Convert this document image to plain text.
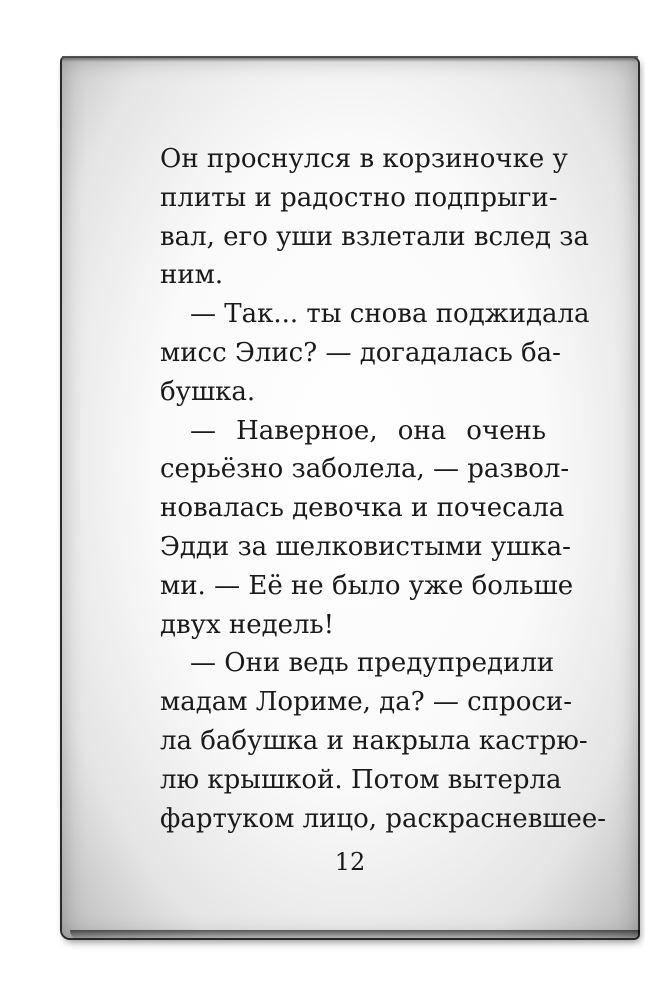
Он проснулся в корзиночке у
плиты и радостно подпрыги-
вал, его уши взлетали вслед за
ним.
— Так... ты снова поджидала
мисс Элис? — догадалась ба-
бушка.
— Наверное, она очень
серьёзно заболела, — развол-
новалась девочка и почесала
Эдди за шелковистыми ушка-
ми. — Её не было уже больше
двух недель!
— Они ведь предупредили
мадам Лориме, да? — спроси-
ла бабушка и накрыла кастрю-
лю крышкой. Потом вытерла
фартуком лицо, раскрасневшее-
12
